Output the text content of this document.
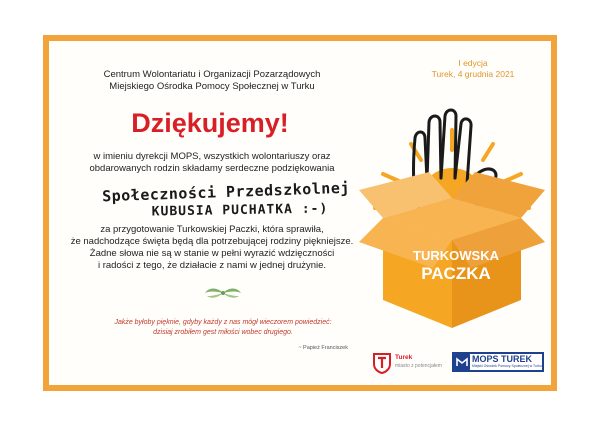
Centrum Wolontariatu i Organizacji Pozarządowych
Miejskiego Ośrodka Pomocy Społecznej w Turku
I edycja
Turek, 4 grudnia 2021
Dziękujemy!
w imieniu dyrekcji MOPS, wszystkich wolontariuszy oraz
obdarowanych rodzin składamy serdeczne podziękowania
Społeczności Przedszkolnej
KUBUSIA PUCHATKA :-)
za przygotowanie Turkowskiej Paczki, która sprawiła,
że nadchodzące święta będą dla potrzebującej rodziny piękniejsze.
Żadne słowa nie są w stanie w pełni wyrazić wdzięczności
i radości z tego, że działacie z nami w jednej drużynie.
Jakże byłoby pięknie, gdyby każdy z nas mógł wieczorem powiedzieć:
dzisiaj zrobiłem gest miłości wobec drugiego.
~ Papież Franciszek
TURKOWSKA
PACZKA
Turek
miasto z potencjałem
MOPS TUREK
Miejski Ośrodek Pomocy Społecznej w Turku
